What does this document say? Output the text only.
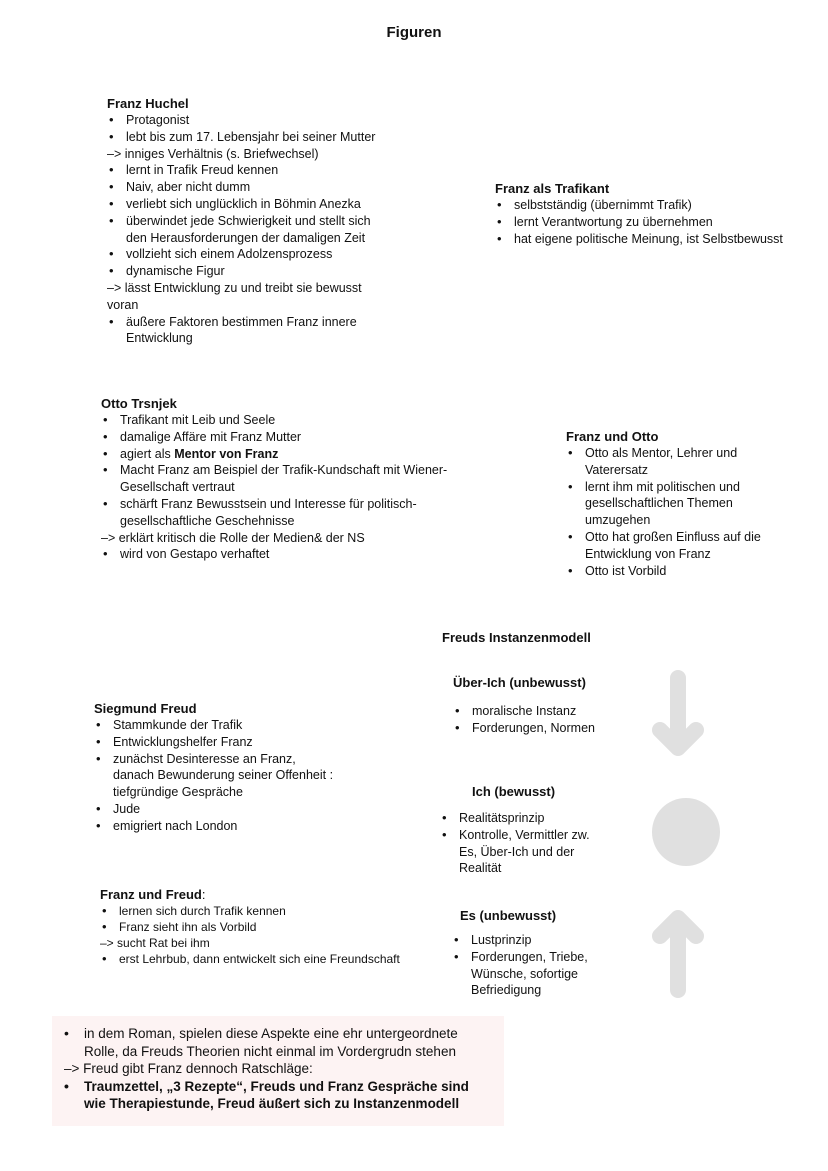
Figuren
Franz Huchel
• Protagonist
• lebt bis zum 17. Lebensjahr bei seiner Mutter
–> inniges Verhältnis (s. Briefwechsel)
• lernt in Trafik Freud kennen
• Naiv, aber nicht dumm
• verliebt sich unglücklich in Böhmin Anezka
• überwindet jede Schwierigkeit und stellt sich den Herausforderungen der damaligen Zeit
• vollzieht sich einem Adolzensprozess
• dynamische Figur
–> lässt Entwicklung zu und treibt sie bewusst voran
• äußere Faktoren bestimmen Franz innere Entwicklung
Franz als Trafikant
• selbstständig (übernimmt Trafik)
• lernt Verantwortung zu übernehmen
• hat eigene politische Meinung, ist Selbstbewusst
Otto Trsnjek
• Trafikant mit Leib und Seele
• damalige Affäre mit Franz Mutter
• agiert als Mentor von Franz
• Macht Franz am Beispiel der Trafik-Kundschaft mit Wiener-Gesellschaft vertraut
• schärft Franz Bewusstsein und Interesse für politisch-gesellschaftliche Geschehnisse
–> erklärt kritisch die Rolle der Medien& der NS
• wird von Gestapo verhaftet
Franz und Otto
• Otto als Mentor, Lehrer und Vaterersatz
• lernt ihm mit politischen und gesellschaftlichen Themen umzugehen
• Otto hat großen Einfluss auf die Entwicklung von Franz
• Otto ist Vorbild
Siegmund Freud
• Stammkunde der Trafik
• Entwicklungshelfer Franz
• zunächst Desinteresse an Franz, danach Bewunderung seiner Offenheit : tiefgründige Gespräche
• Jude
• emigriert nach London
Franz und Freud:
• lernen sich durch Trafik kennen
• Franz sieht ihn als Vorbild
–> sucht Rat bei ihm
• erst Lehrbub, dann entwickelt sich eine Freundschaft
Freuds Instanzenmodell
Über-Ich (unbewusst)
• moralische Instanz
• Forderungen, Normen
Ich (bewusst)
• Realitätsprinzip
• Kontrolle, Vermittler zw. Es, Über-Ich und der Realität
Es (unbewusst)
• Lustprinzip
• Forderungen, Triebe, Wünsche, sofortige Befriedigung
• in dem Roman, spielen diese Aspekte eine ehr untergeordnete Rolle, da Freuds Theorien nicht einmal im Vordergrudn stehen
–> Freud gibt Franz dennoch Ratschläge:
• Traumzettel, „3 Rezepte“, Freuds und Franz Gespräche sind wie Therapiestunde, Freud äußert sich zu Instanzenmodell
